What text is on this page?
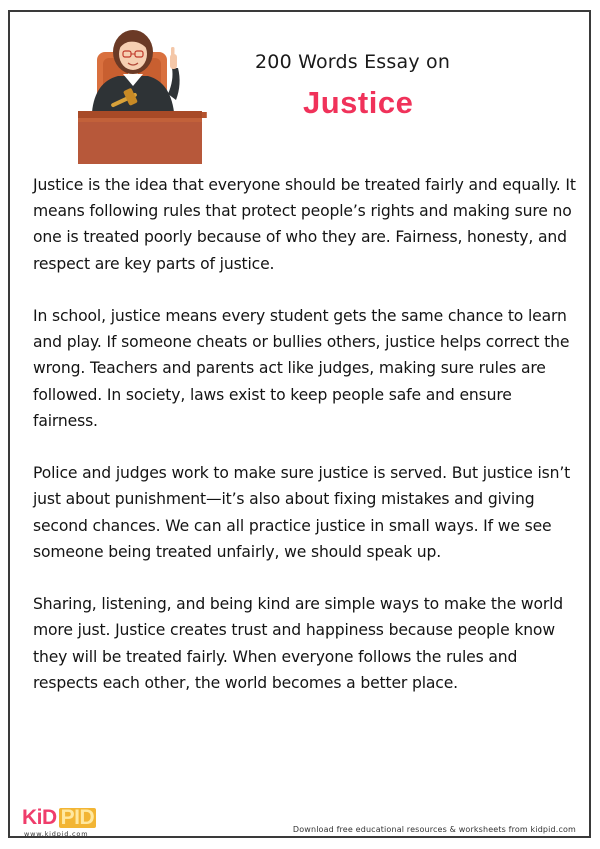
200 Words Essay on
Justice

Justice is the idea that everyone should be treated fairly and equally. It means following rules that protect people’s rights and making sure no one is treated poorly because of who they are. Fairness, honesty, and respect are key parts of justice.

In school, justice means every student gets the same chance to learn and play. If someone cheats or bullies others, justice helps correct the wrong. Teachers and parents act like judges, making sure rules are followed. In society, laws exist to keep people safe and ensure fairness.

Police and judges work to make sure justice is served. But justice isn’t just about punishment—it’s also about fixing mistakes and giving second chances. We can all practice justice in small ways. If we see someone being treated unfairly, we should speak up.

Sharing, listening, and being kind are simple ways to make the world more just. Justice creates trust and happiness because people know they will be treated fairly. When everyone follows the rules and respects each other, the world becomes a better place.

KiD PID
www.kidpid.com	Download free educational resources & worksheets from kidpid.com
